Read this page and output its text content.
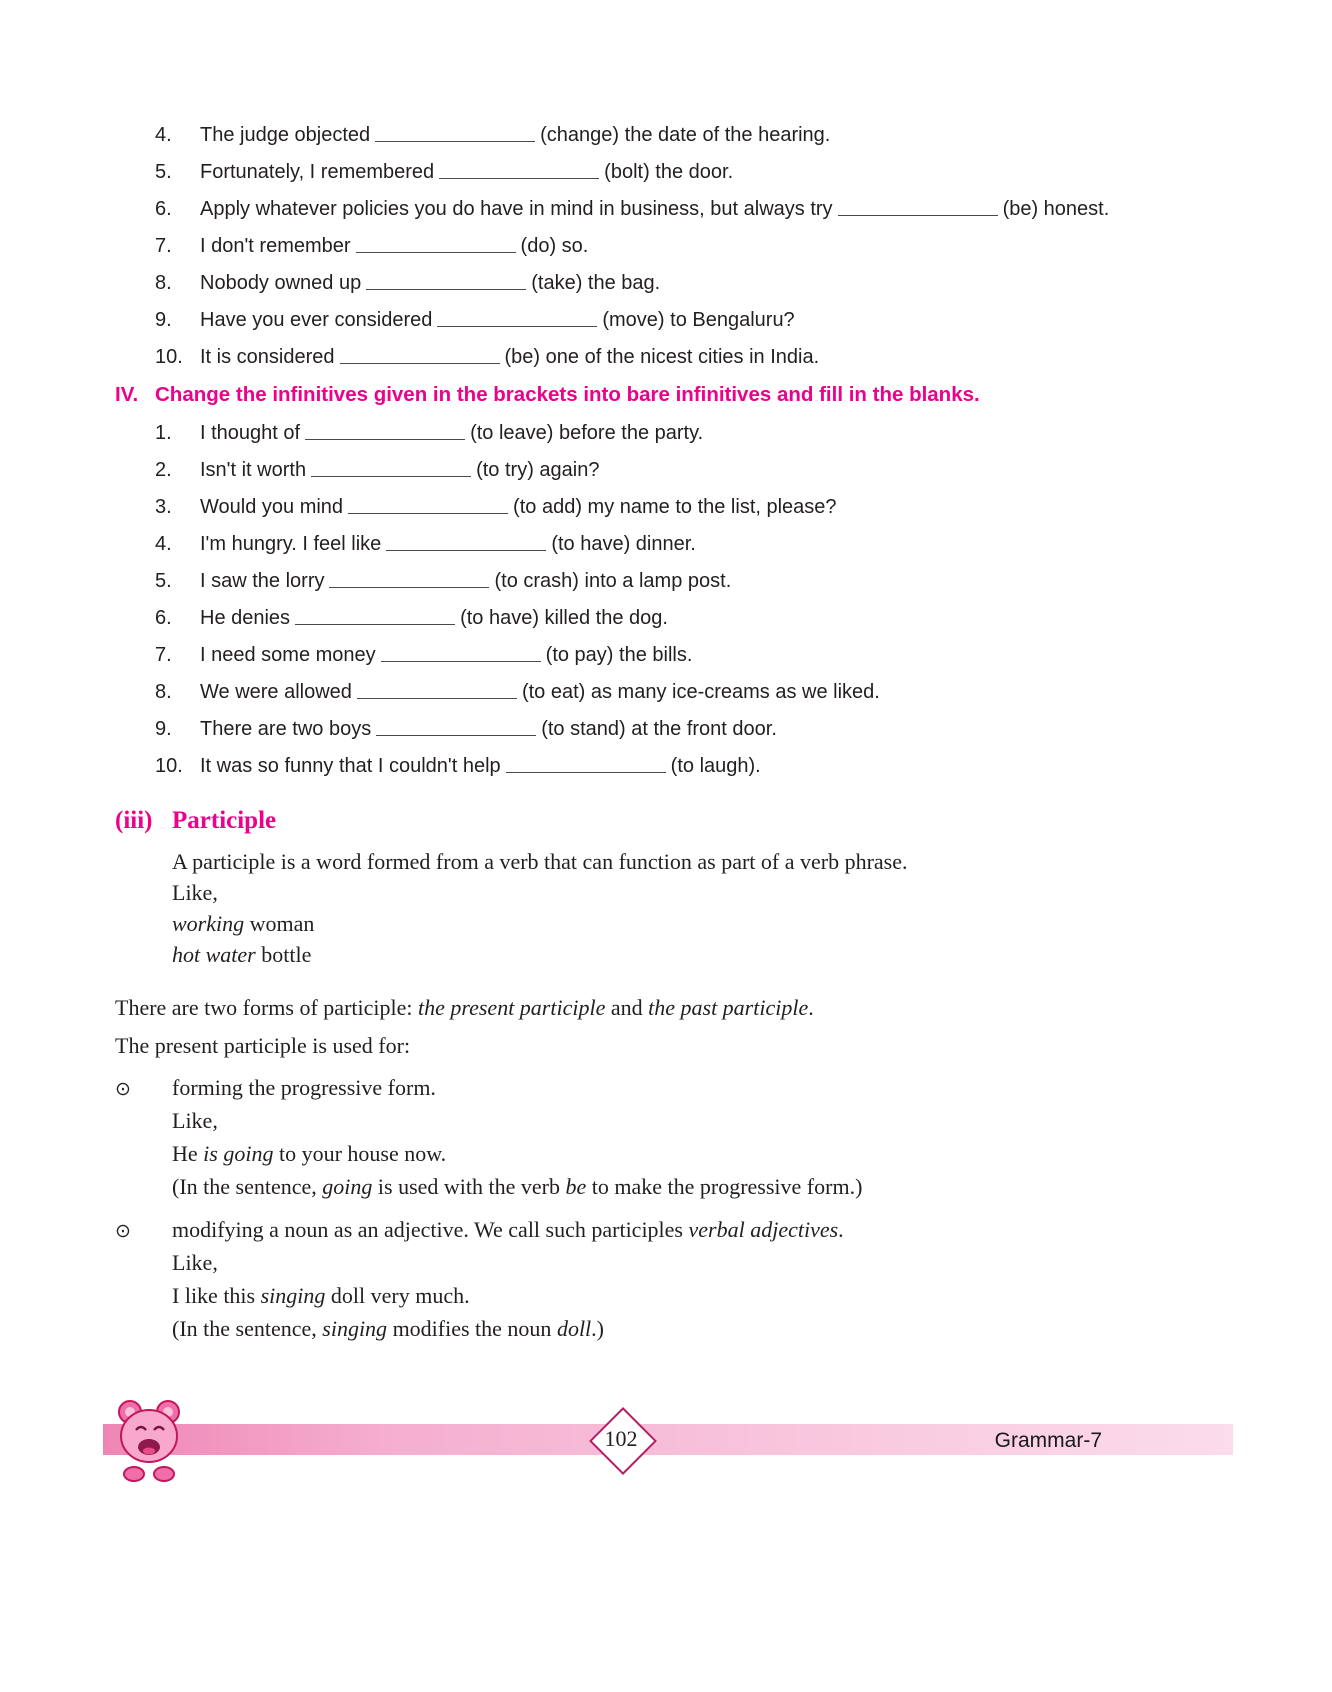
4.	The judge objected	(change) the date of the hearing.
5.	Fortunately, I remembered	(bolt) the door.
6.	Apply whatever policies you do have in mind in business, but always try	(be) honest.
7.	I don't remember	(do) so.
8.	Nobody owned up	(take) the bag.
9.	Have you ever considered	(move) to Bengaluru?
10. It is considered	(be) one of the nicest cities in India.
IV. Change the infinitives given in the brackets into bare infinitives and fill in the blanks.
1.	I thought of	(to leave) before the party.
2.	Isn't it worth	(to try) again?
3.	Would you mind	(to add) my name to the list, please?
4.	I'm hungry. I feel like	(to have) dinner.
5.	I saw the lorry	(to crash) into a lamp post.
6.	He denies	(to have) killed the dog.
7.	I need some money	(to pay) the bills.
8.	We were allowed	(to eat) as many ice-creams as we liked.
9.	There are two boys	(to stand) at the front door.
10. It was so funny that I couldn't help	(to laugh).
(iii) Participle

A participle is a word formed from a verb that can function as part of a verb phrase.

Like,

working woman

hot water bottle

There are two forms of participle: the present participle and the past participle.

The present participle is used for:

⊙	forming the progressive form.
Like,
He is going to your house now.
(In the sentence, going is used with the verb be to make the progressive form.)
⊙	modifying a noun as an adjective. We call such participles verbal adjectives.
Like,
I like this singing doll very much.
(In the sentence, singing modifies the noun doll.)
102	Grammar-7
